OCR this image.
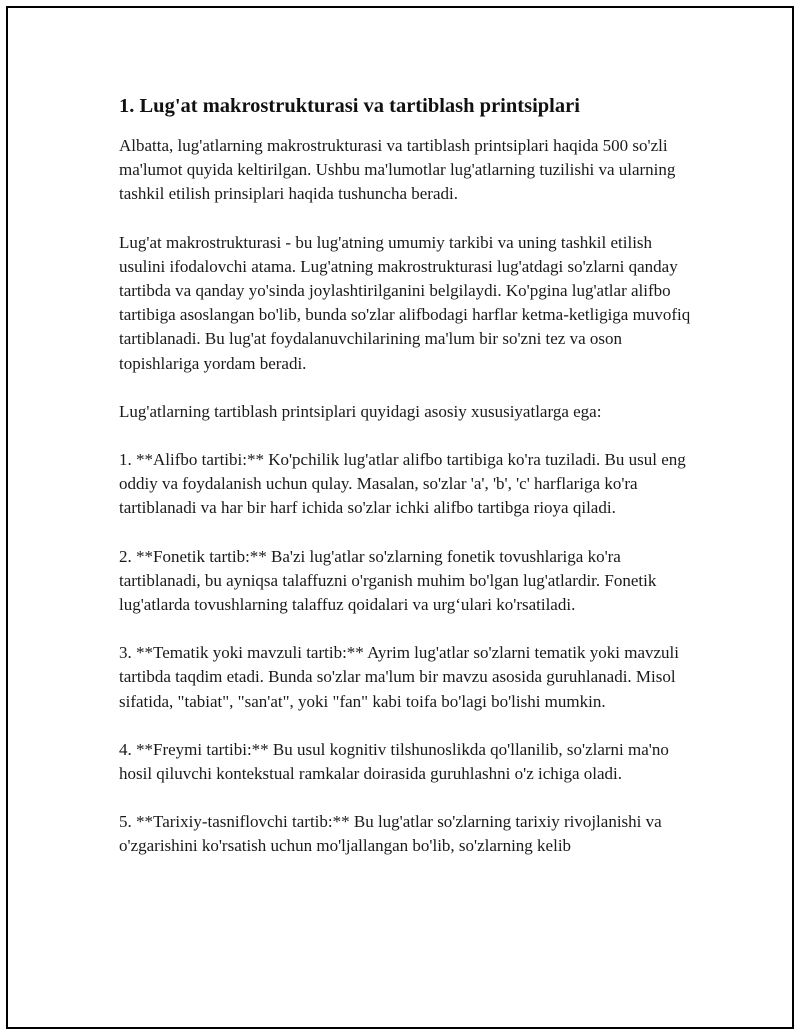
1. Lug'at makrostrukturasi va tartiblash printsiplari

Albatta, lug'atlarning makrostrukturasi va tartiblash printsiplari haqida 500 so'zli ma'lumot quyida keltirilgan. Ushbu ma'lumotlar lug'atlarning tuzilishi va ularning tashkil etilish prinsiplari haqida tushuncha beradi.

Lug'at makrostrukturasi - bu lug'atning umumiy tarkibi va uning tashkil etilish usulini ifodalovchi atama. Lug'atning makrostrukturasi lug'atdagi so'zlarni qanday tartibda va qanday yo'sinda joylashtirilganini belgilaydi. Ko'pgina lug'atlar alifbo tartibiga asoslangan bo'lib, bunda so'zlar alifbodagi harflar ketma-ketligiga muvofiq tartiblanadi. Bu lug'at foydalanuvchilarining ma'lum bir so'zni tez va oson topishlariga yordam beradi.

Lug'atlarning tartiblash printsiplari quyidagi asosiy xususiyatlarga ega:

1. **Alifbo tartibi:** Ko'pchilik lug'atlar alifbo tartibiga ko'ra tuziladi. Bu usul eng oddiy va foydalanish uchun qulay. Masalan, so'zlar 'a', 'b', 'c' harflariga ko'ra tartiblanadi va har bir harf ichida so'zlar ichki alifbo tartibga rioya qiladi.

2. **Fonetik tartib:** Ba'zi lug'atlar so'zlarning fonetik tovushlariga ko'ra tartiblanadi, bu ayniqsa talaffuzni o'rganish muhim bo'lgan lug'atlardir. Fonetik lug'atlarda tovushlarning talaffuz qoidalari va urg‘ulari ko'rsatiladi.

3. **Tematik yoki mavzuli tartib:** Ayrim lug'atlar so'zlarni tematik yoki mavzuli tartibda taqdim etadi. Bunda so'zlar ma'lum bir mavzu asosida guruhlanadi. Misol sifatida, "tabiat", "san'at", yoki "fan" kabi toifa bo'lagi bo'lishi mumkin.

4. **Freymi tartibi:** Bu usul kognitiv tilshunoslikda qo'llanilib, so'zlarni ma'no hosil qiluvchi kontekstual ramkalar doirasida guruhlashni o'z ichiga oladi.

5. **Tarixiy-tasniflovchi tartib:** Bu lug'atlar so'zlarning tarixiy rivojlanishi va o'zgarishini ko'rsatish uchun mo'ljallangan bo'lib, so'zlarning kelib
